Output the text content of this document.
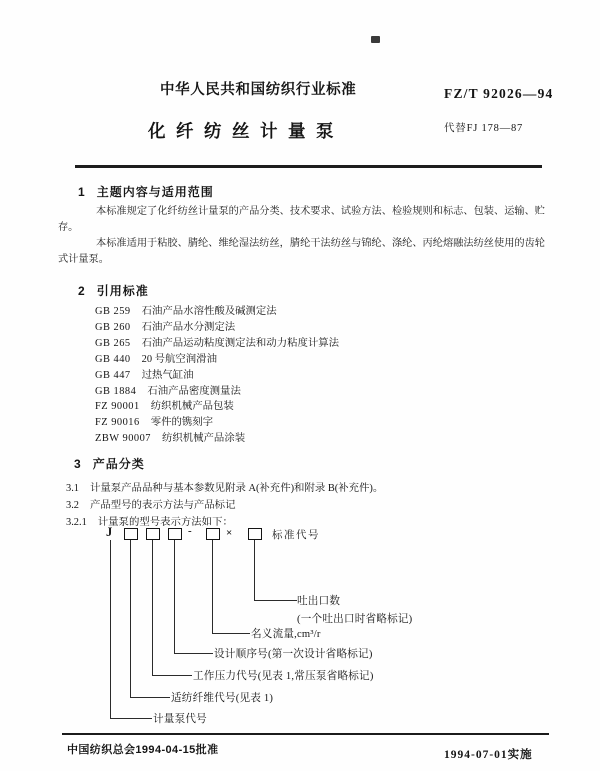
中华人民共和国纺织行业标准	FZ/T 92026—94
化纤纺丝计量泵	代替FJ 178—87
1 主题内容与适用范围
本标准规定了化纤纺丝计量泵的产品分类、技术要求、试验方法、检验规则和标志、包装、运输、贮存。
本标准适用于粘胶、腈纶、维纶湿法纺丝，腈纶干法纺丝与锦纶、涤纶、丙纶熔融法纺丝使用的齿轮式计量泵。
2 引用标准
GB 259 石油产品水溶性酸及碱测定法
GB 260 石油产品水分测定法
GB 265 石油产品运动粘度测定法和动力粘度计算法
GB 440 20 号航空润滑油
GB 447 过热气缸油
GB 1884 石油产品密度测量法
FZ 90001 纺织机械产品包装
FZ 90016 零件的镌刻字
ZBW 90007 纺织机械产品涂装
3 产品分类
3.1 计量泵产品品种与基本参数见附录 A(补充件)和附录 B(补充件)。
3.2 产品型号的表示方法与产品标记
3.2.1 计量泵的型号表示方法如下：
J	-	×	标准代号
吐出口数
(一个吐出口时省略标记)
名义流量,cm³/r
设计顺序号(第一次设计省略标记)
工作压力代号(见表 1,常压泵省略标记)
适纺纤维代号(见表 1)
计量泵代号
中国纺织总会1994-04-15批准	1994-07-01实施
